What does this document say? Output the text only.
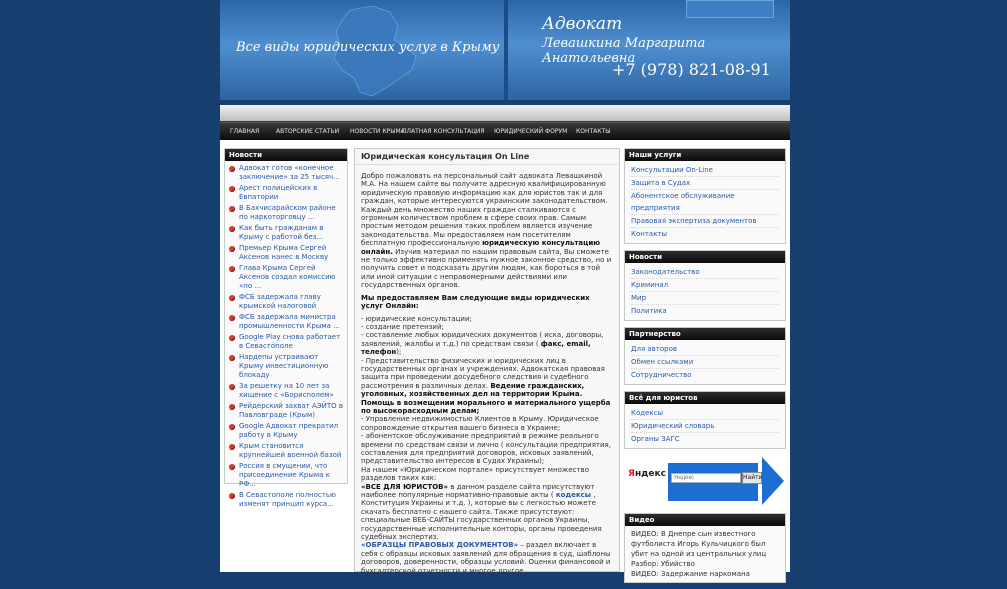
Все виды юридических услуг в Крыму
Адвокат
Левашкина Маргарита Анатольевна
+7 (978) 821-08-91
ГЛАВНАЯ	АВТОРСКИЕ СТАТЬИ НОВОСТИ КРЫМА
ПЛАТНАЯ КОНСУЛЬТАЦИЯ ЮРИДИЧЕСКИЙ ФОРУМ КОНТАКТЫ
Новости
Адвокат готов «конечное заключение» за 25 тысяч...
Арест полицейских в Евпатории
В Бахчисарайском районе по наркоторговцу ...
Как быть гражданам в Крыму с работой без...
Премьер Крыма Сергей Аксенов нанес в Москву
Глава Крыма Сергей Аксенов создал комиссию «по ...
ФСБ задержала главу крымской налоговой
ФСБ задержала министра промышленности Крыма ...
Google Play снова работает в Севастополе
Нардепы устраивают Крыму инвестиционную блокаду
За решетку на 10 лет за хищение с «Борисполем»
Рейдерский захват АЭЙТО в Павловграде (Крым)
Google Адвокат прекратил работу в Крыму
Крым становится крупнейшей военной базой
Россия в смущении, что присоединение Крыма к РФ...
В Севастополе полностью изменят принцип курса...
Юридическая консультация On Line

Добро пожаловать на персональный сайт адвоката Левашкиной М.А. На нашем сайте вы получите адресную квалифицированную юридическую правовую информацию как для юристов так и для граждан, которые интересуются украинским законодательством. Каждый день множество наших граждан сталкиваются с огромным количеством проблем в сфере своих прав. Самым простым методом решения таких проблем является изучение законодательства. Мы предоставляем нам посетителям бесплатную профессиональную юридическую консультацию онлайн. Изучив материал по нашим правовым сайта, Вы сможете не только эффективно применять нужное законное средство, но и получить совет и подсказать другим людям, как бороться в той или иной ситуации с неправомерными действиями или государственных органов.

Мы предоставляем Вам следующие виды юридических услуг Онлайн:

- юридические консультации;
- создание претензий;
- составление любых юридических документов ( иска, договоры, заявлений, жалобы и т.д.) по средствам связи ( факс, email, телефон);
- Представительство физических и юридических лиц в государственных органах и учреждениях. Адвокатская правовая защита при проведении досудебного следствия и судебного рассмотрения в различных делах. Ведение гражданских, уголовных, хозяйственных дел на территории Крыма. Помощь в возмещении морального и материального ущерба по высокорасходным делам;
- Управление недвижимостью Клиентов в Крыму. Юридическое сопровождение открытия вашего бизнеса в Украине;
- абонентское обслуживание предприятий в режиме реального времени по средствам связи и лично ( консультации предприятия, составления для предприятий договоров, исковых заявлений, представительство интересов в Судах Украины);
На нашем «Юридическом портале» присутствует множество разделов таких как:
«ВСЕ ДЛЯ ЮРИСТОВ» в данном разделе сайта присутствуют наиболее популярные нормативно-правовые акты ( кодексы , Конституция Украины и т.д. ), которые вы с легкостью можете скачать бесплатно с нашего сайта. Также присутствуют: специальные ВЕБ-САЙТЫ государственных органов Украины, государственные исполнительные конторы, органы проведения судебных экспертиз.
«ОБРАЗЦЫ ПРАВОВЫХ ДОКУМЕНТОВ» – раздел включает в себя с образцы исковых заявлений для обращения в суд, шаблоны договоров, доверенности, образцы условий. Оценки финансовой и бухгалтерской отчетности и многое другое.

Наши услуги
Консультации On-Line
Защита в Судах
Абонентское обслуживание предприятия
Правовая экспертиза документов
Контакты
Новости
Законодательство
Криминал
Мир
Политика
Партнерство
Для авторов
Обмен ссылками
Сотрудничество
Всё для юристов
Кодексы
Юридический словарь
Органы ЗАГС
Яндекс
Яндекс	Найти
Видео
ВИДЕО: В Днепре сын известного футболиста Игорь Кульчицкого был убит на одной из центральных улиц
Разбор: Убийство
ВИДЕО: Задержание наркомана
